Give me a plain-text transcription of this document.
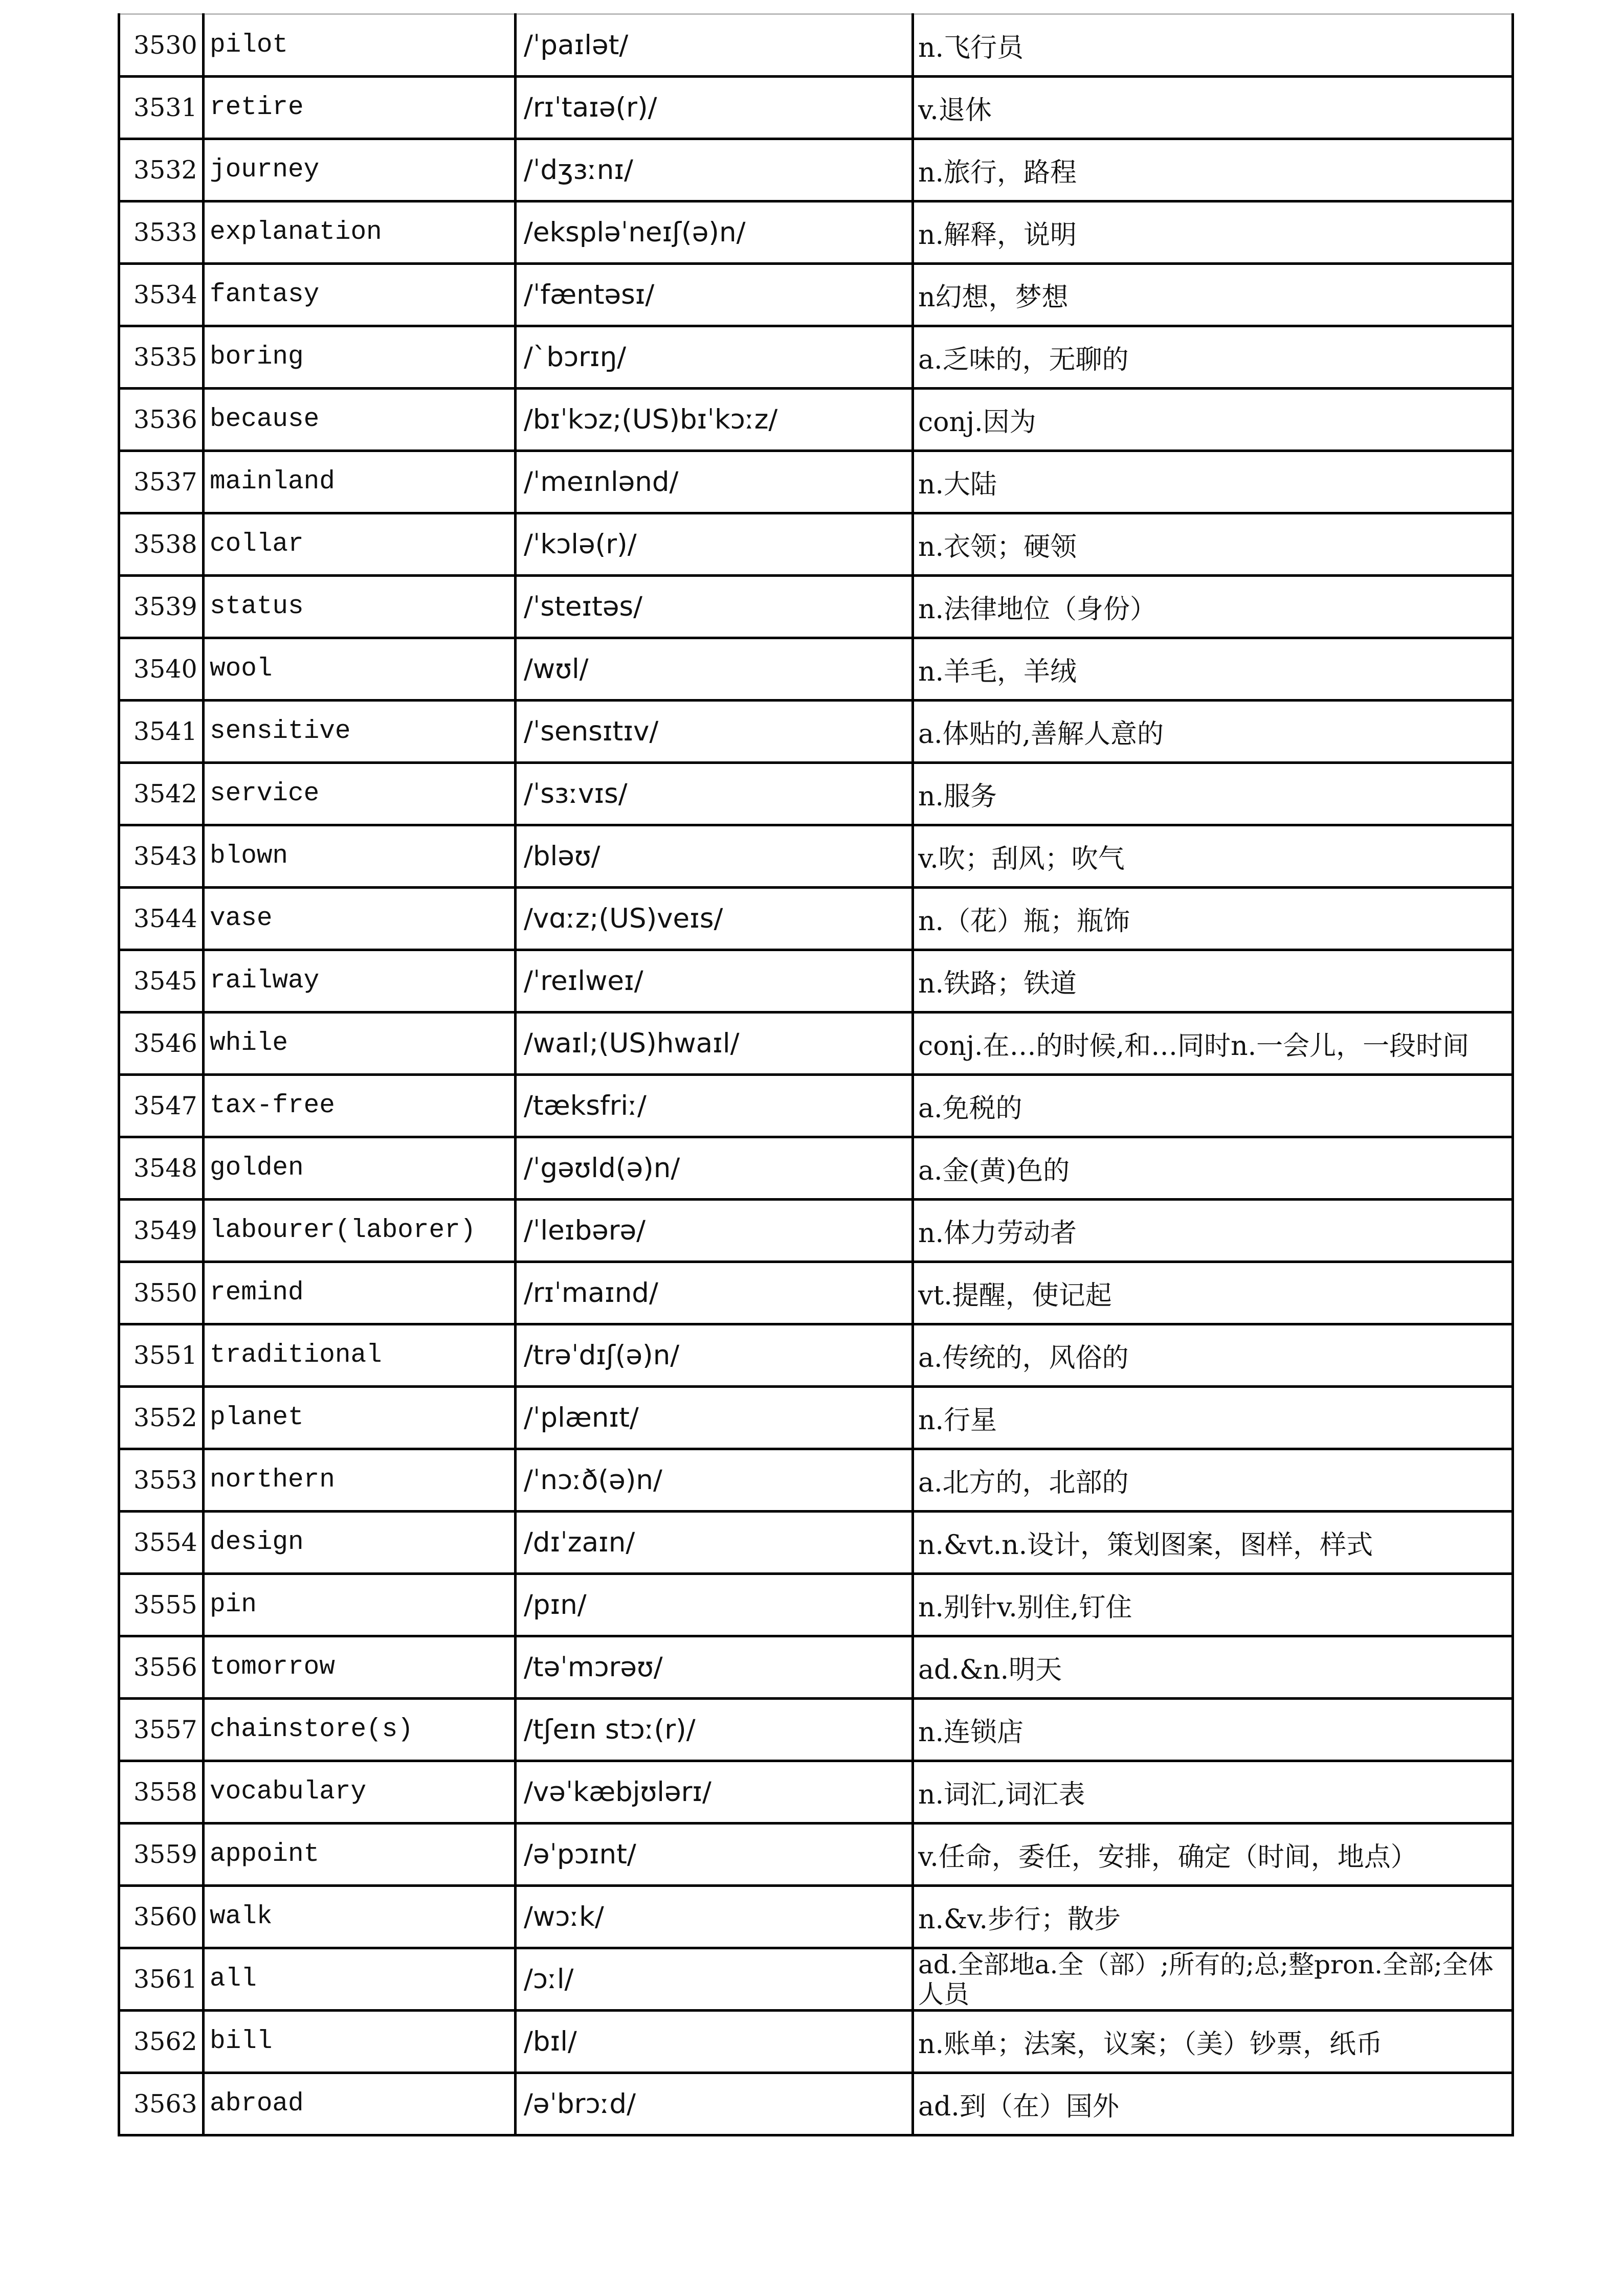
3530	pilot	/ˈpaɪlət/	n.飞行员
3531	retire	/rɪˈtaɪə(r)/	v.退休
3532	journey	/ˈdʒɜːnɪ/	n.旅行，路程
3533	explanation	/ekspləˈneɪʃ(ə)n/	n.解释，说明
3534	fantasy	/ˈfæntəsɪ/	n幻想，梦想
3535	boring	/`bɔrɪŋ/	a.乏味的，无聊的
3536	because	/bɪˈkɔz;(US)bɪˈkɔːz/	conj.因为
3537	mainland	/ˈmeɪnlənd/	n.大陆
3538	collar	/ˈkɔlə(r)/	n.衣领；硬领
3539	status	/ˈsteɪtəs/	n.法律地位（身份）
3540	wool	/wʊl/	n.羊毛，羊绒
3541	sensitive	/ˈsensɪtɪv/	a.体贴的,善解人意的
3542	service	/ˈsɜːvɪs/	n.服务
3543	blown	/bləʊ/	v.吹；刮风；吹气
3544	vase	/vɑːz;(US)veɪs/	n.（花）瓶；瓶饰
3545	railway	/ˈreɪlweɪ/	n.铁路；铁道
3546	while	/waɪl;(US)hwaɪl/	conj.在…的时候,和…同时n.一会儿，一段时间
3547	tax-free	/tæksfriː/	a.免税的
3548	golden	/ˈgəʊld(ə)n/	a.金(黄)色的
3549	labourer(laborer)	/ˈleɪbərə/	n.体力劳动者
3550	remind	/rɪˈmaɪnd/	vt.提醒，使记起
3551	traditional	/trəˈdɪʃ(ə)n/	a.传统的，风俗的
3552	planet	/ˈplænɪt/	n.行星
3553	northern	/ˈnɔːð(ə)n/	a.北方的，北部的
3554	design	/dɪˈzaɪn/	n.&vt.n.设计，策划图案，图样，样式
3555	pin	/pɪn/	n.别针v.别住,钉住
3556	tomorrow	/təˈmɔrəʊ/	ad.&n.明天
3557	chainstore(s)	/tʃeɪn stɔː(r)/	n.连锁店
3558	vocabulary	/vəˈkæbjʊlərɪ/	n.词汇,词汇表
3559	appoint	/əˈpɔɪnt/	v.任命，委任，安排，确定（时间，地点）
3560	walk	/wɔːk/	n.&v.步行；散步
3561	all	/ɔːl/	ad.全部地a.全（部）;所有的;总;整pron.全部;全体人员
3562	bill	/bɪl/	n.账单；法案，议案；（美）钞票，纸币
3563	abroad	/əˈbrɔːd/	ad.到（在）国外
